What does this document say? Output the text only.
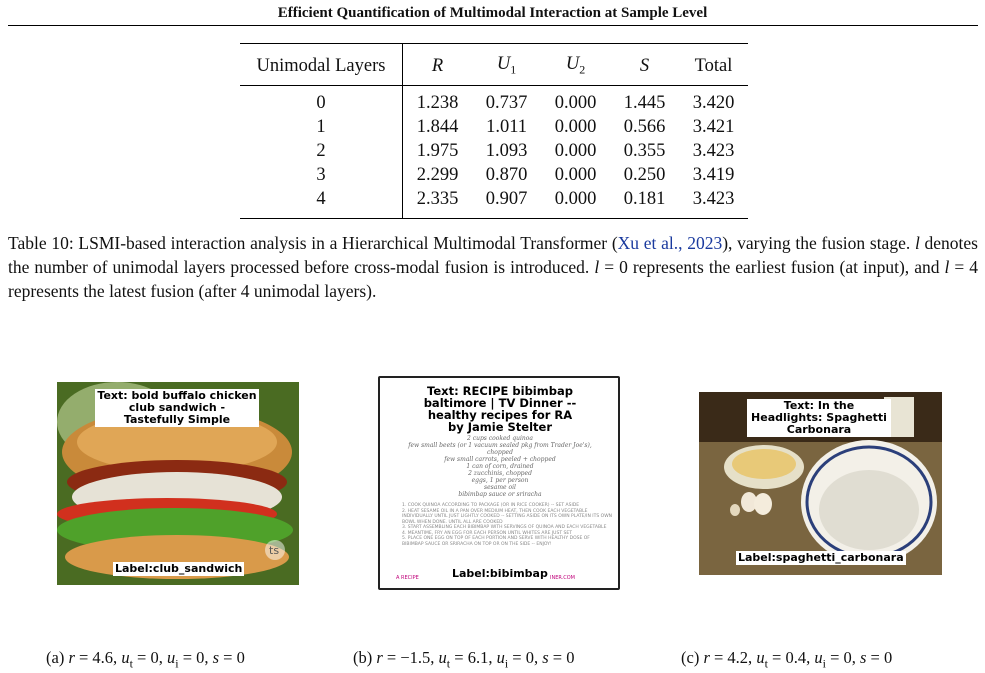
Efficient Quantification of Multimodal Interaction at Sample Level
Unimodal Layers	R	$U_1$	$U_2$	S	Total
0	1.238	0.737	0.000	1.445	3.420
1	1.844	1.011	0.000	0.566	3.421
2	1.975	1.093	0.000	0.355	3.423
3	2.299	0.870	0.000	0.250	3.419
4	2.335	0.907	0.000	0.181	3.423
Table 10: LSMI-based interaction analysis in a Hierarchical Multimodal Transformer (Xu et al., 2023), varying the fusion stage. l denotes the number of unimodal layers processed before cross-modal fusion is introduced. l = 0 represents the earliest fusion (at input), and l = 4 represents the latest fusion (after 4 unimodal layers).
ts
Text: bold buffalo chicken club sandwich - Tastefully Simple
Label:club_sandwich
Text: RECIPE bibimbap baltimore | TV Dinner -- healthy recipes for RA by Jamie Stelter
2 cups cooked quinoa
few small beets (or 1 vacuum sealed pkg from Trader Joe's), chopped
few small carrots, peeled + chopped
1 can of corn, drained
2 zucchinis, chopped
eggs, 1 per person
sesame oil
bibimbap sauce or sriracha
1. COOK QUINOA ACCORDING TO PACKAGE (OR IN RICE COOKER) -- SET ASIDE
2. HEAT SESAME OIL IN A PAN OVER MEDIUM HEAT, THEN COOK EACH VEGETABLE INDIVIDUALLY UNTIL JUST LIGHTLY COOKED -- SETTING ASIDE ON ITS OWN PLATE/IN ITS OWN BOWL WHEN DONE. UNTIL ALL ARE COOKED
3. START ASSEMBLING EACH BIBIMBAP WITH SERVINGS OF QUINOA AND EACH VEGETABLE
4. MEANTIME, FRY AN EGG FOR EACH PERSON UNTIL WHITES ARE JUST SET
5. PLACE ONE EGG ON TOP OF EACH PORTION AND SERVE WITH HEALTHY DOSE OF BIBIMBAP SAUCE OR SRIRACHA ON TOP OR ON THE SIDE -- ENJOY!
A RECIPE	INER.COM
Label:bibimbap
Text: In the Headlights: Spaghetti Carbonara
Label:spaghetti_carbonara
(a) r = 4.6, $u_t = 0$, $u_i = 0$, s = 0	(b) r = −1.5, $u_t = 6.1$, $u_i = 0$, s = 0	(c) r = 4.2, $u_t = 0.4$, $u_i = 0$, s = 0
